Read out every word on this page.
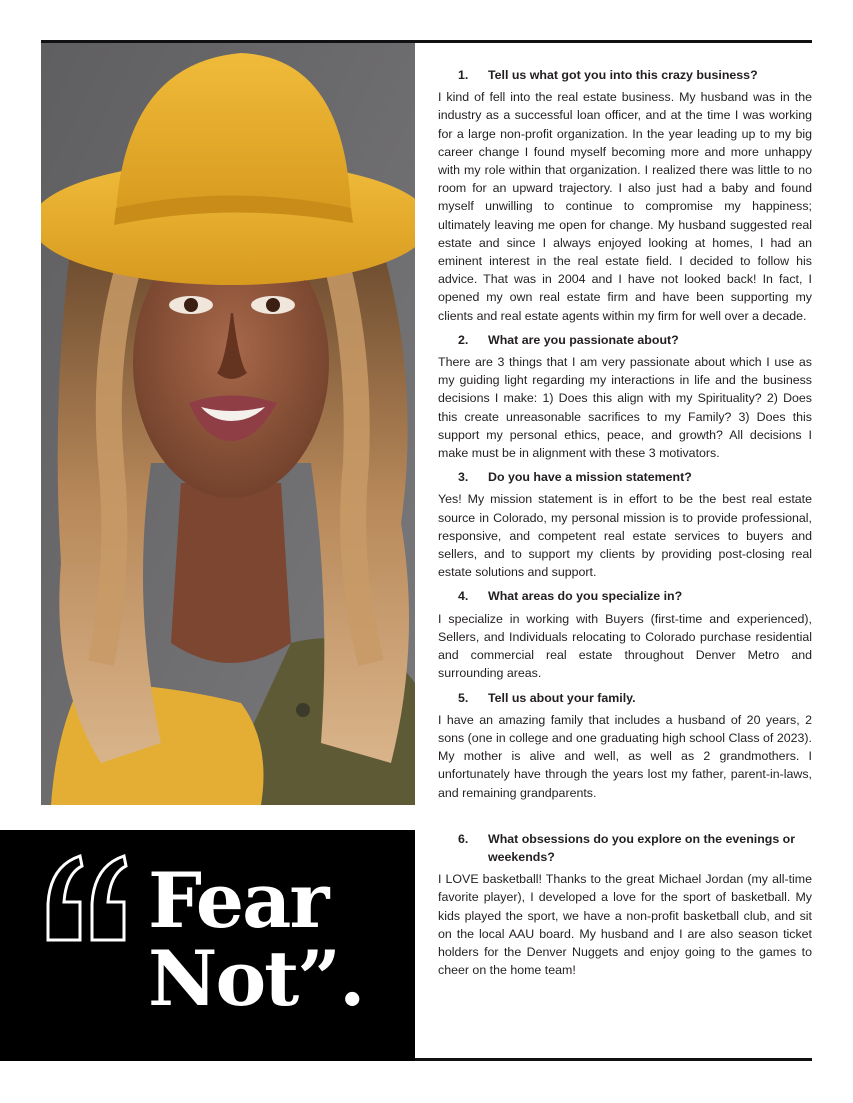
Fear
Not”.
1.	Tell us what got you into this crazy business?

I kind of fell into the real estate business. My husband was in the industry as a successful loan officer, and at the time I was working for a large non-profit organization. In the year leading up to my big career change I found myself becoming more and more unhappy with my role within that organization. I realized there was little to no room for an upward trajectory. I also just had a baby and found myself unwilling to continue to compromise my happiness; ultimately leaving me open for change. My husband suggested real estate and since I always enjoyed looking at homes, I had an eminent interest in the real estate field. I decided to follow his advice. That was in 2004 and I have not looked back! In fact, I opened my own real estate firm and have been supporting my clients and real estate agents within my firm for well over a decade.

2.	What are you passionate about?

There are 3 things that I am very passionate about which I use as my guiding light regarding my interactions in life and the business decisions I make: 1) Does this align with my Spirituality? 2) Does this create unreasonable sacrifices to my Family? 3) Does this support my personal ethics, peace, and growth? All decisions I make must be in alignment with these 3 motivators.

3.	Do you have a mission statement?

Yes! My mission statement is in effort to be the best real estate source in Colorado, my personal mission is to provide professional, responsive, and competent real estate services to buyers and sellers, and to support my clients by providing post-closing real estate solutions and support.

4.	What areas do you specialize in?

I specialize in working with Buyers (first-time and experienced), Sellers, and Individuals relocating to Colorado purchase residential and commercial real estate throughout Denver Metro and surrounding areas.

5.	Tell us about your family.

I have an amazing family that includes a husband of 20 years, 2 sons (one in college and one graduating high school Class of 2023). My mother is alive and well, as well as 2 grandmothers. I unfortunately have through the years lost my father, parent-in-laws, and remaining grandparents.

6.	What obsessions do you explore on the evenings or weekends?

I LOVE basketball! Thanks to the great Michael Jordan (my all-time favorite player), I developed a love for the sport of basketball. My kids played the sport, we have a non-profit basketball club, and sit on the local AAU board. My husband and I are also season ticket holders for the Denver Nuggets and enjoy going to the games to cheer on the home team!
